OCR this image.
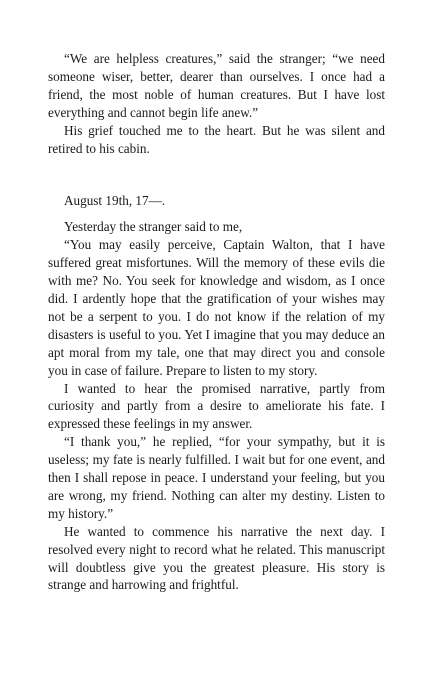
“We are helpless creatures,” said the stranger; “we need someone wiser, better, dearer than ourselves. I once had a friend, the most noble of human creatures. But I have lost everything and cannot begin life anew.”

His grief touched me to the heart. But he was silent and retired to his cabin.

August 19th, 17—.

Yesterday the stranger said to me,

“You may easily perceive, Captain Walton, that I have suffered great misfortunes. Will the memory of these evils die with me? No. You seek for knowledge and wisdom, as I once did. I ardently hope that the gratification of your wishes may not be a serpent to you. I do not know if the relation of my disasters is useful to you. Yet I imagine that you may deduce an apt moral from my tale, one that may direct you and console you in case of failure. Prepare to listen to my story.

I wanted to hear the promised narrative, partly from curiosity and partly from a desire to ameliorate his fate. I expressed these feelings in my answer.

“I thank you,” he replied, “for your sympathy, but it is useless; my fate is nearly fulfilled. I wait but for one event, and then I shall repose in peace. I understand your feeling, but you are wrong, my friend. Nothing can alter my destiny. Listen to my history.”

He wanted to commence his narrative the next day. I resolved every night to record what he related. This manuscript will doubtless give you the greatest pleasure. His story is strange and harrowing and frightful.
